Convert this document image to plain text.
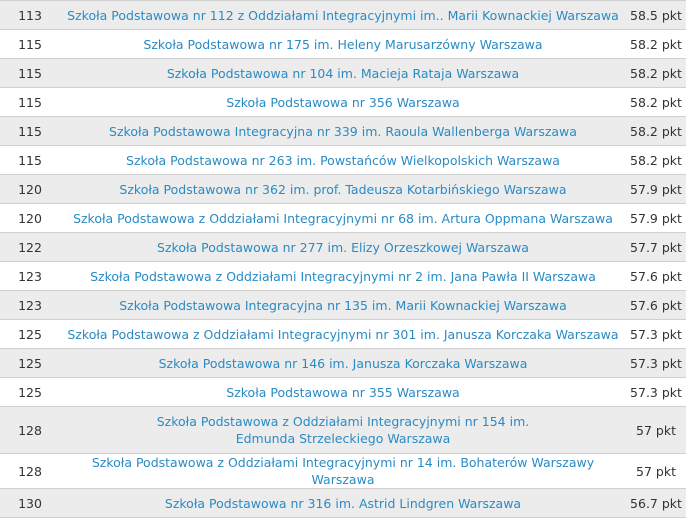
113	Szkoła Podstawowa nr 112 z Oddziałami Integracyjnymi im.. Marii Kownackiej Warszawa	58.5 pkt
115	Szkoła Podstawowa nr 175 im. Heleny Marusarzówny Warszawa	58.2 pkt
115	Szkoła Podstawowa nr 104 im. Macieja Rataja Warszawa	58.2 pkt
115	Szkoła Podstawowa nr 356 Warszawa	58.2 pkt
115	Szkoła Podstawowa Integracyjna nr 339 im. Raoula Wallenberga Warszawa	58.2 pkt
115	Szkoła Podstawowa nr 263 im. Powstańców Wielkopolskich Warszawa	58.2 pkt
120	Szkoła Podstawowa nr 362 im. prof. Tadeusza Kotarbińskiego Warszawa	57.9 pkt
120	Szkoła Podstawowa z Oddziałami Integracyjnymi nr 68 im. Artura Oppmana Warszawa	57.9 pkt
122	Szkoła Podstawowa nr 277 im. Elizy Orzeszkowej Warszawa	57.7 pkt
123	Szkoła Podstawowa z Oddziałami Integracyjnymi nr 2 im. Jana Pawła II Warszawa	57.6 pkt
123	Szkoła Podstawowa Integracyjna nr 135 im. Marii Kownackiej Warszawa	57.6 pkt
125	Szkoła Podstawowa z Oddziałami Integracyjnymi nr 301 im. Janusza Korczaka Warszawa	57.3 pkt
125	Szkoła Podstawowa nr 146 im. Janusza Korczaka Warszawa	57.3 pkt
125	Szkoła Podstawowa nr 355 Warszawa	57.3 pkt
128	Szkoła Podstawowa z Oddziałami Integracyjnymi nr 154 im. Edmunda Strzeleckiego Warszawa	57 pkt
128	Szkoła Podstawowa z Oddziałami Integracyjnymi nr 14 im. Bohaterów Warszawy Warszawa	57 pkt
130	Szkoła Podstawowa nr 316 im. Astrid Lindgren Warszawa	56.7 pkt
